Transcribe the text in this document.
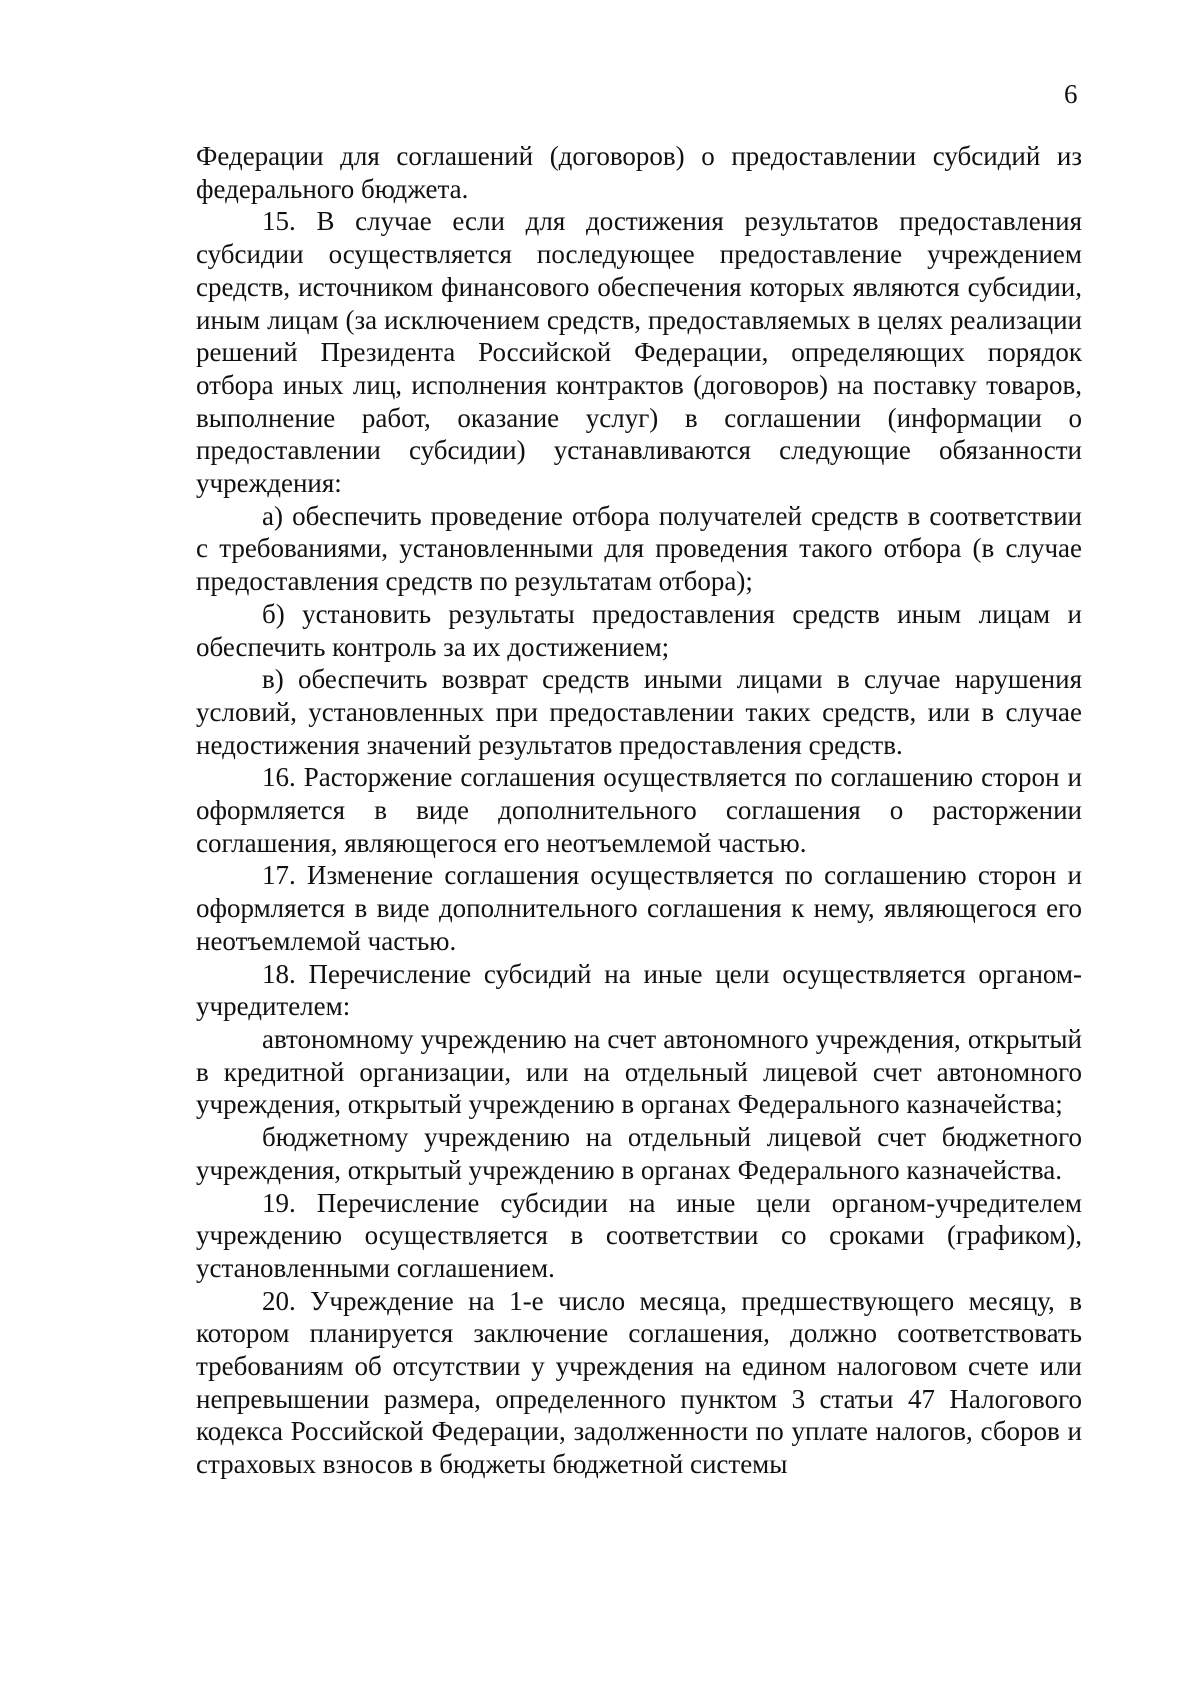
6

Федерации для соглашений (договоров) о предоставлении субсидий из федерального бюджета.

15. В случае если для достижения результатов предоставления субсидии осуществляется последующее предоставление учреждением средств, источником финансового обеспечения которых являются субсидии, иным лицам (за исключением средств, предоставляемых в целях реализации решений Президента Российской Федерации, определяющих порядок отбора иных лиц, исполнения контрактов (договоров) на поставку товаров, выполнение работ, оказание услуг) в соглашении (информации о предоставлении субсидии) устанавливаются следующие обязанности учреждения:

а) обеспечить проведение отбора получателей средств в соответствии с требованиями, установленными для проведения такого отбора (в случае предоставления средств по результатам отбора);

б) установить результаты предоставления средств иным лицам и обеспечить контроль за их достижением;

в) обеспечить возврат средств иными лицами в случае нарушения условий, установленных при предоставлении таких средств, или в случае недостижения значений результатов предоставления средств.

16. Расторжение соглашения осуществляется по соглашению сторон и оформляется в виде дополнительного соглашения о расторжении соглашения, являющегося его неотъемлемой частью.

17. Изменение соглашения осуществляется по соглашению сторон и оформляется в виде дополнительного соглашения к нему, являющегося его неотъемлемой частью.

18. Перечисление субсидий на иные цели осуществляется органом-учредителем:

автономному учреждению на счет автономного учреждения, открытый в кредитной организации, или на отдельный лицевой счет автономного учреждения, открытый учреждению в органах Федерального казначейства;

бюджетному учреждению на отдельный лицевой счет бюджетного учреждения, открытый учреждению в органах Федерального казначейства.

19. Перечисление субсидии на иные цели органом-учредителем учреждению осуществляется в соответствии со сроками (графиком), установленными соглашением.

20. Учреждение на 1-е число месяца, предшествующего месяцу, в котором планируется заключение соглашения, должно соответствовать требованиям об отсутствии у учреждения на едином налоговом счете или непревышении размера, определенного пунктом 3 статьи 47 Налогового кодекса Российской Федерации, задолженности по уплате налогов, сборов и страховых взносов в бюджеты бюджетной системы
